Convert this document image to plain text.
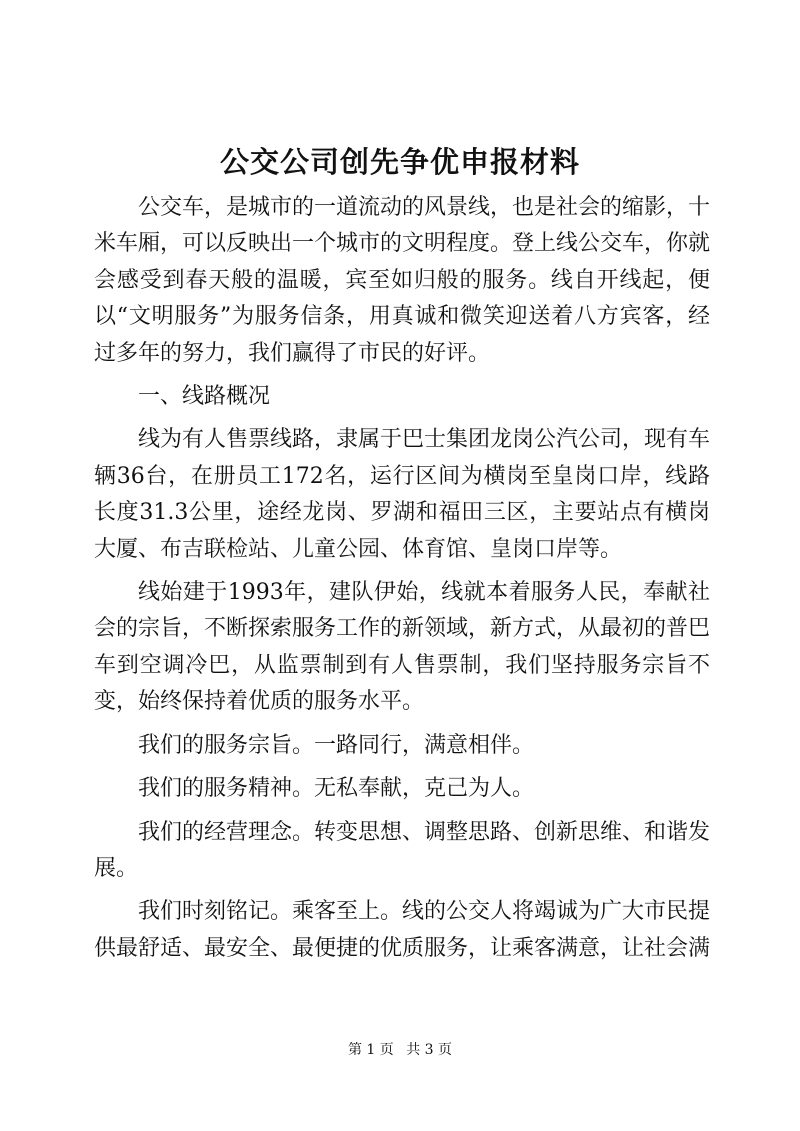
公交公司创先争优申报材料

公交车，是城市的一道流动的风景线，也是社会的缩影，十米车厢，可以反映出一个城市的文明程度。登上线公交车，你就会感受到春天般的温暖，宾至如归般的服务。线自开线起，便以“文明服务”为服务信条，用真诚和微笑迎送着八方宾客，经过多年的努力，我们赢得了市民的好评。

一、线路概况

线为有人售票线路，隶属于巴士集团龙岗公汽公司，现有车辆36台，在册员工172名，运行区间为横岗至皇岗口岸，线路长度31.3公里，途经龙岗、罗湖和福田三区，主要站点有横岗大厦、布吉联检站、儿童公园、体育馆、皇岗口岸等。

线始建于1993年，建队伊始，线就本着服务人民，奉献社会的宗旨，不断探索服务工作的新领域，新方式，从最初的普巴车到空调冷巴，从监票制到有人售票制，我们坚持服务宗旨不变，始终保持着优质的服务水平。

我们的服务宗旨。一路同行，满意相伴。

我们的服务精神。无私奉献，克己为人。

我们的经营理念。转变思想、调整思路、创新思维、和谐发展。

我们时刻铭记。乘客至上。线的公交人将竭诚为广大市民提供最舒适、最安全、最便捷的优质服务，让乘客满意，让社会满

第 1 页 共 3 页
